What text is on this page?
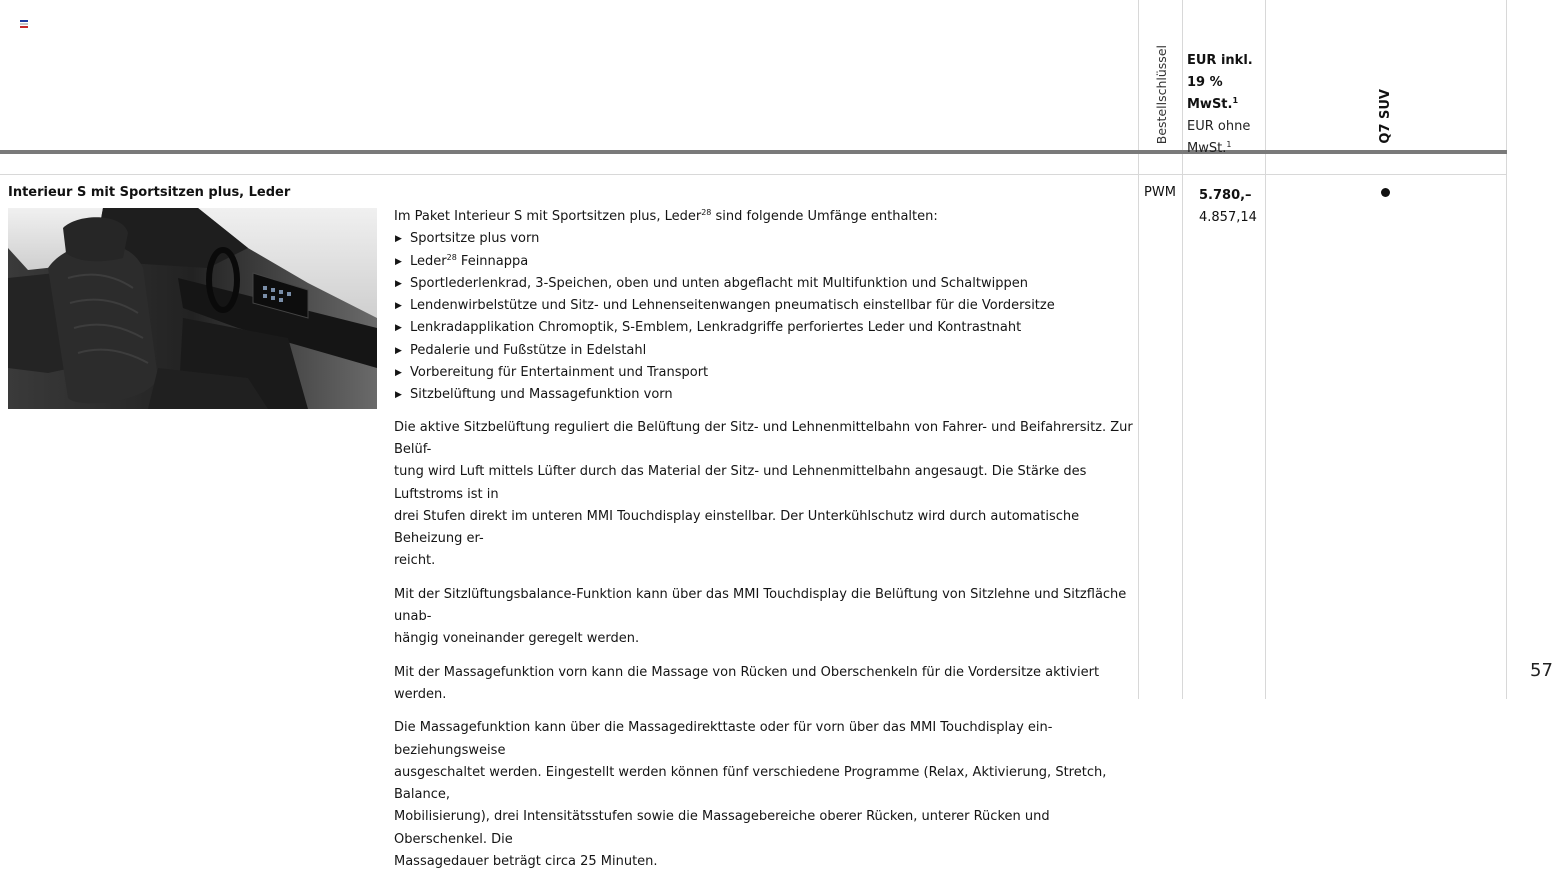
Bestellschlüssel EUR inkl.
19 % MwSt.$^1$
EUR ohne
MwSt.$^1$
Q7 SUV
Interieur S mit Sportsitzen plus, Leder
Im Paket Interieur S mit Sportsitzen plus, Leder$^{28}$ sind folgende Umfänge enthalten:
▶ Sportsitze plus vorn
▶ Leder$^{28}$ Feinnappa
▶ Sportlederlenkrad, 3-Speichen, oben und unten abgeflacht mit Multifunktion und Schaltwippen
▶ Lendenwirbelstütze und Sitz- und Lehnenseitenwangen pneumatisch einstellbar für die Vordersitze
▶ Lenkradapplikation Chromoptik, S-Emblem, Lenkradgriffe perforiertes Leder und Kontrastnaht
▶ Pedalerie und Fußstütze in Edelstahl
▶ Vorbereitung für Entertainment und Transport
▶ Sitzbelüftung und Massagefunktion vorn

Die aktive Sitzbelüftung reguliert die Belüftung der Sitz- und Lehnenmittelbahn von Fahrer- und Beifahrersitz. Zur Belüf-
tung wird Luft mittels Lüfter durch das Material der Sitz- und Lehnenmittelbahn angesaugt. Die Stärke des Luftstroms ist in
drei Stufen direkt im unteren MMI Touchdisplay einstellbar. Der Unterkühlschutz wird durch automatische Beheizung er-
reicht.

Mit der Sitzlüftungsbalance-Funktion kann über das MMI Touchdisplay die Belüftung von Sitzlehne und Sitzfläche unab-
hängig voneinander geregelt werden.

Mit der Massagefunktion vorn kann die Massage von Rücken und Oberschenkeln für die Vordersitze aktiviert werden.

Die Massagefunktion kann über die Massagedirekttaste oder für vorn über das MMI Touchdisplay ein- beziehungsweise
ausgeschaltet werden. Eingestellt werden können fünf verschiedene Programme (Relax, Aktivierung, Stretch, Balance,
Mobilisierung), drei Intensitätsstufen sowie die Massagebereiche oberer Rücken, unterer Rücken und Oberschenkel. Die
Massagedauer beträgt circa 25 Minuten.

PWM 5.780,–
4.857,14
57
